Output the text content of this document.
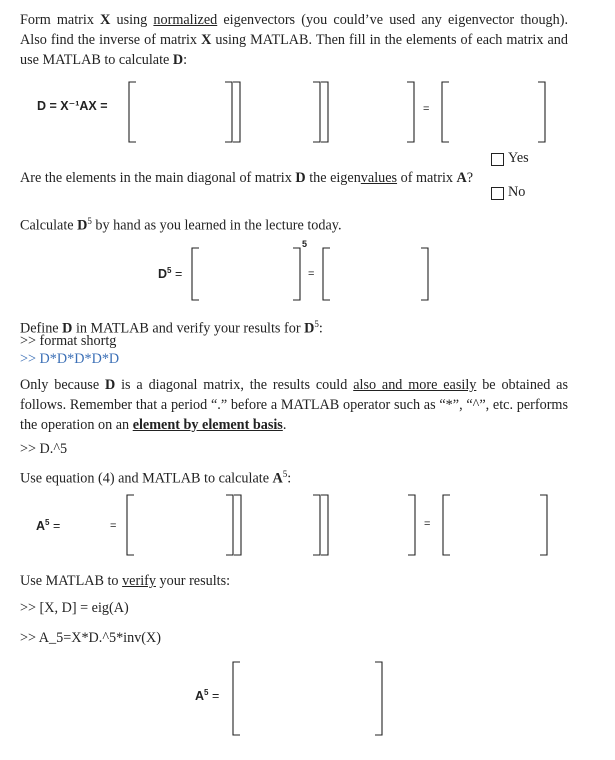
Form matrix X using normalized eigenvectors (you could’ve used any eigenvector though). Also find the inverse of matrix X using MATLAB. Then fill in the elements of each matrix and use MATLAB to calculate D:
D = X⁻¹AX =	=
Are the elements in the main diagonal of matrix D the eigenvalues of matrix A?
Yes
No
Calculate $D^5$ by hand as you learned in the lecture today.
$D^5$ =
5
=
Define D in MATLAB and verify your results for $D^5$:
>> format shortg
>> D*D*D*D*D
Only because D is a diagonal matrix, the results could also and more easily be obtained as follows. Remember that a period “.” before a MATLAB operator such as “*”, “^”, etc. performs the operation on an element by element basis.
>> D.^5
Use equation (4) and MATLAB to calculate $A^5$:
$A^5$ =	=	=
Use MATLAB to verify your results:
>> [X, D] = eig(A)
>> A_5=X*D.^5*inv(X)
$A^5$ =
